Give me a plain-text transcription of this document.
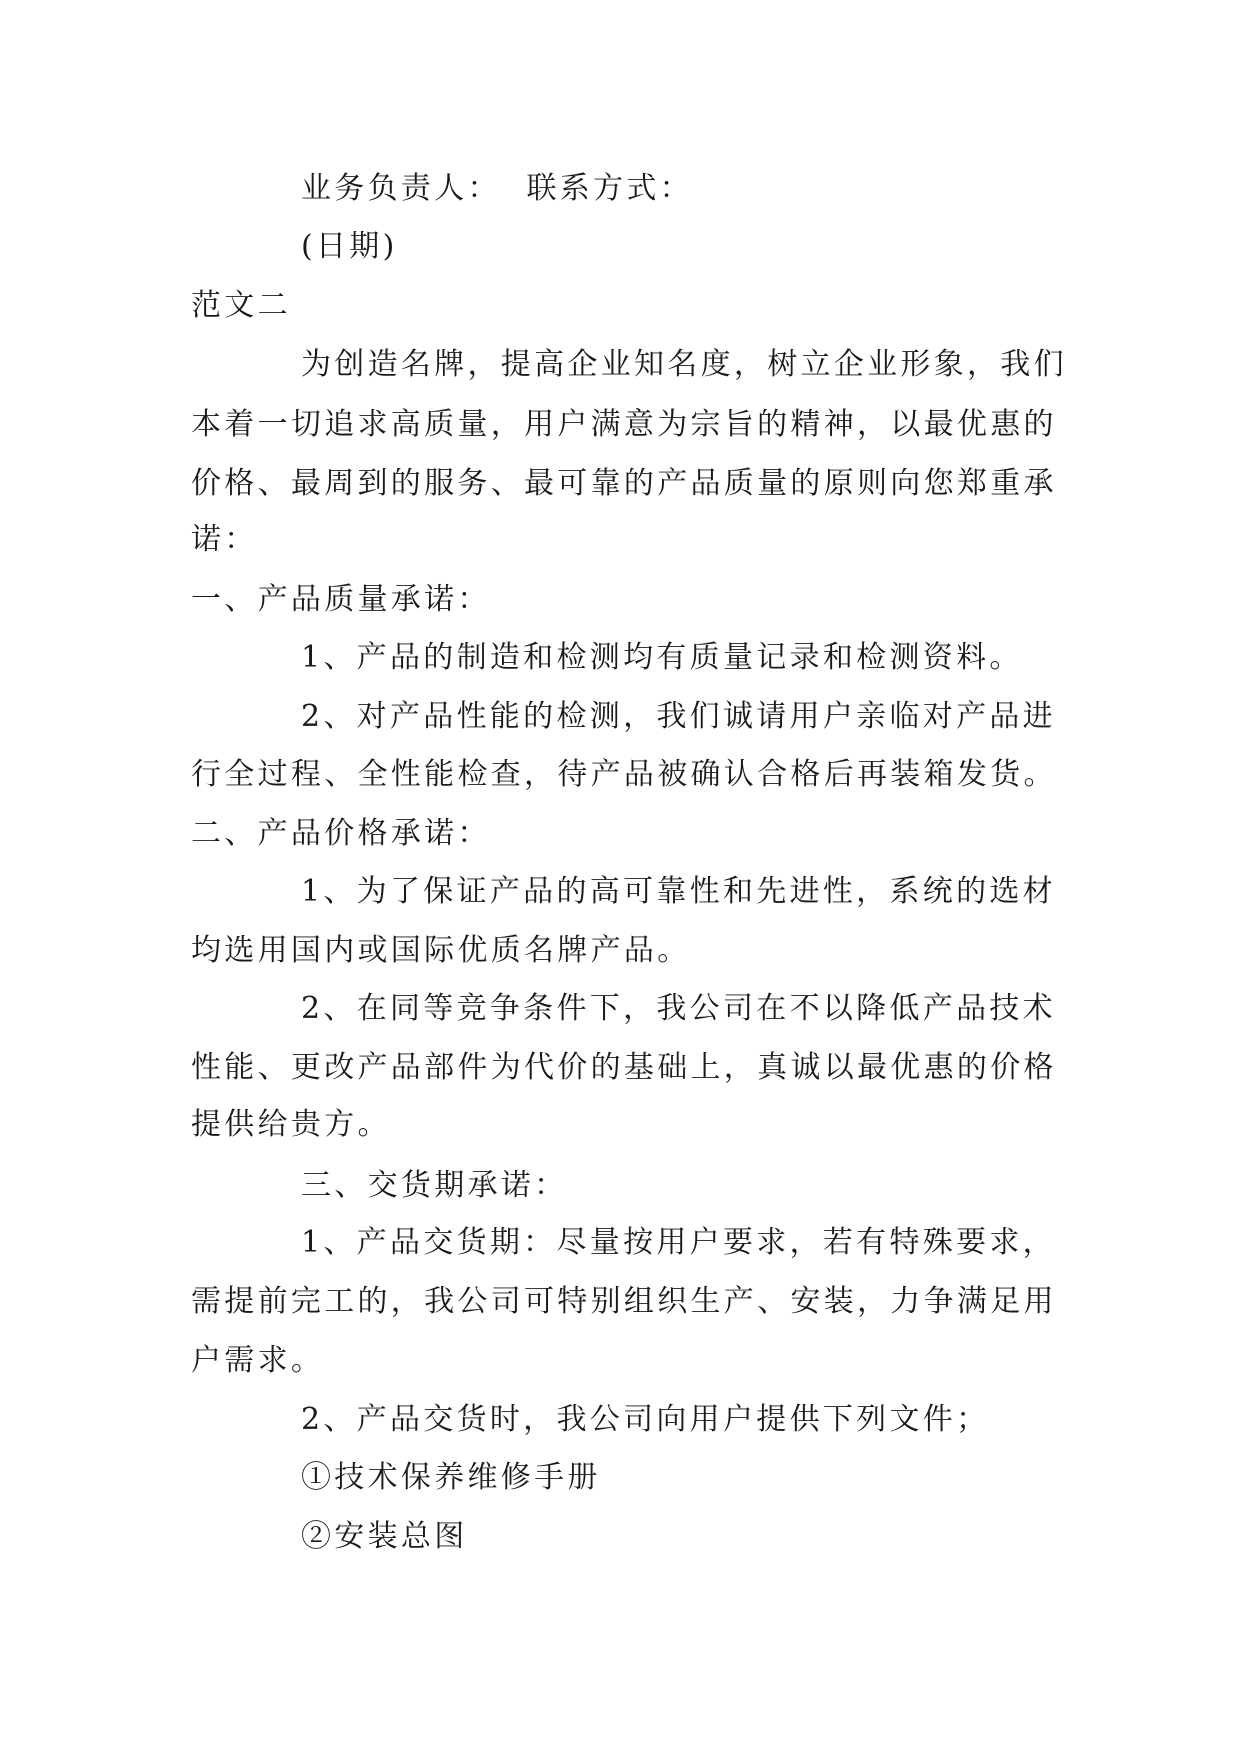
业务负责人：  联系方式：
(日期)
范文二
为创造名牌，提高企业知名度，树立企业形象，我们
本着一切追求高质量，用户满意为宗旨的精神，以最优惠的
价格、最周到的服务、最可靠的产品质量的原则向您郑重承
诺：
一、产品质量承诺：
1、产品的制造和检测均有质量记录和检测资料。
2、对产品性能的检测，我们诚请用户亲临对产品进
行全过程、全性能检查，待产品被确认合格后再装箱发货。
二、产品价格承诺：
1、为了保证产品的高可靠性和先进性，系统的选材
均选用国内或国际优质名牌产品。
2、在同等竞争条件下，我公司在不以降低产品技术
性能、更改产品部件为代价的基础上，真诚以最优惠的价格
提供给贵方。
三、交货期承诺：
1、产品交货期：尽量按用户要求，若有特殊要求，
需提前完工的，我公司可特别组织生产、安装，力争满足用
户需求。
2、产品交货时，我公司向用户提供下列文件；
①技术保养维修手册
②安装总图
